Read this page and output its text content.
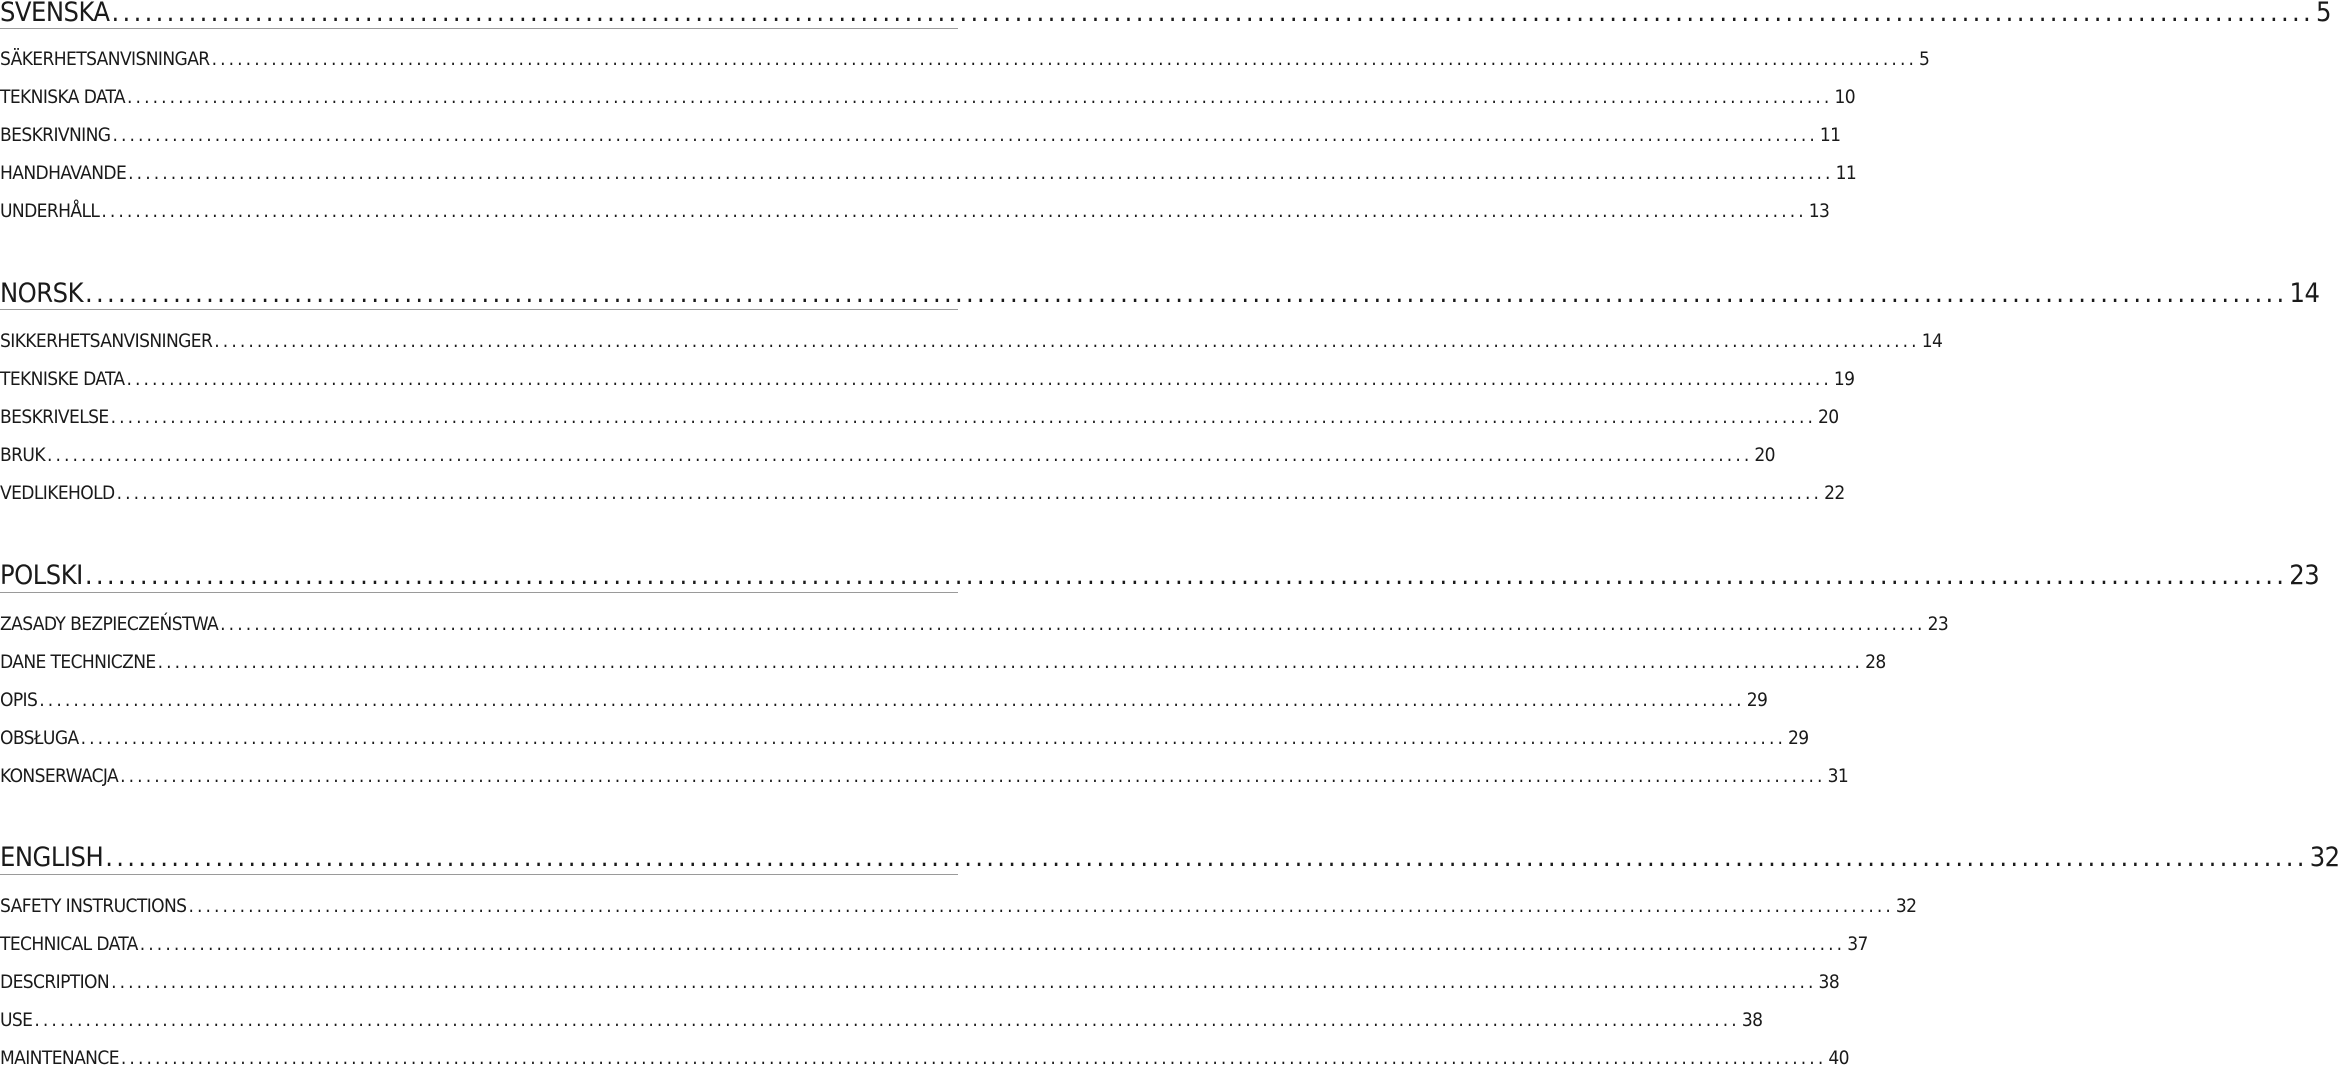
SVENSKA ........................................................................................................................................................................................................ 5
SÄKERHETSANVISNINGAR ........................................................................................................................................................................................................ 5
TEKNISKA DATA ........................................................................................................................................................................................................ 10
BESKRIVNING ........................................................................................................................................................................................................ 11
HANDHAVANDE ........................................................................................................................................................................................................ 11
UNDERHÅLL ........................................................................................................................................................................................................ 13
NORSK ........................................................................................................................................................................................................ 14
SIKKERHETSANVISNINGER ........................................................................................................................................................................................................ 14
TEKNISKE DATA ........................................................................................................................................................................................................ 19
BESKRIVELSE ........................................................................................................................................................................................................ 20
BRUK ........................................................................................................................................................................................................ 20
VEDLIKEHOLD ........................................................................................................................................................................................................ 22
POLSKI ........................................................................................................................................................................................................ 23
ZASADY BEZPIECZEŃSTWA ........................................................................................................................................................................................................ 23
DANE TECHNICZNE ........................................................................................................................................................................................................ 28
OPIS ........................................................................................................................................................................................................ 29
OBSŁUGA ........................................................................................................................................................................................................ 29
KONSERWACJA ........................................................................................................................................................................................................ 31
ENGLISH ........................................................................................................................................................................................................ 32
SAFETY INSTRUCTIONS ........................................................................................................................................................................................................ 32
TECHNICAL DATA ........................................................................................................................................................................................................ 37
DESCRIPTION ........................................................................................................................................................................................................ 38
USE ........................................................................................................................................................................................................ 38
MAINTENANCE ........................................................................................................................................................................................................ 40
